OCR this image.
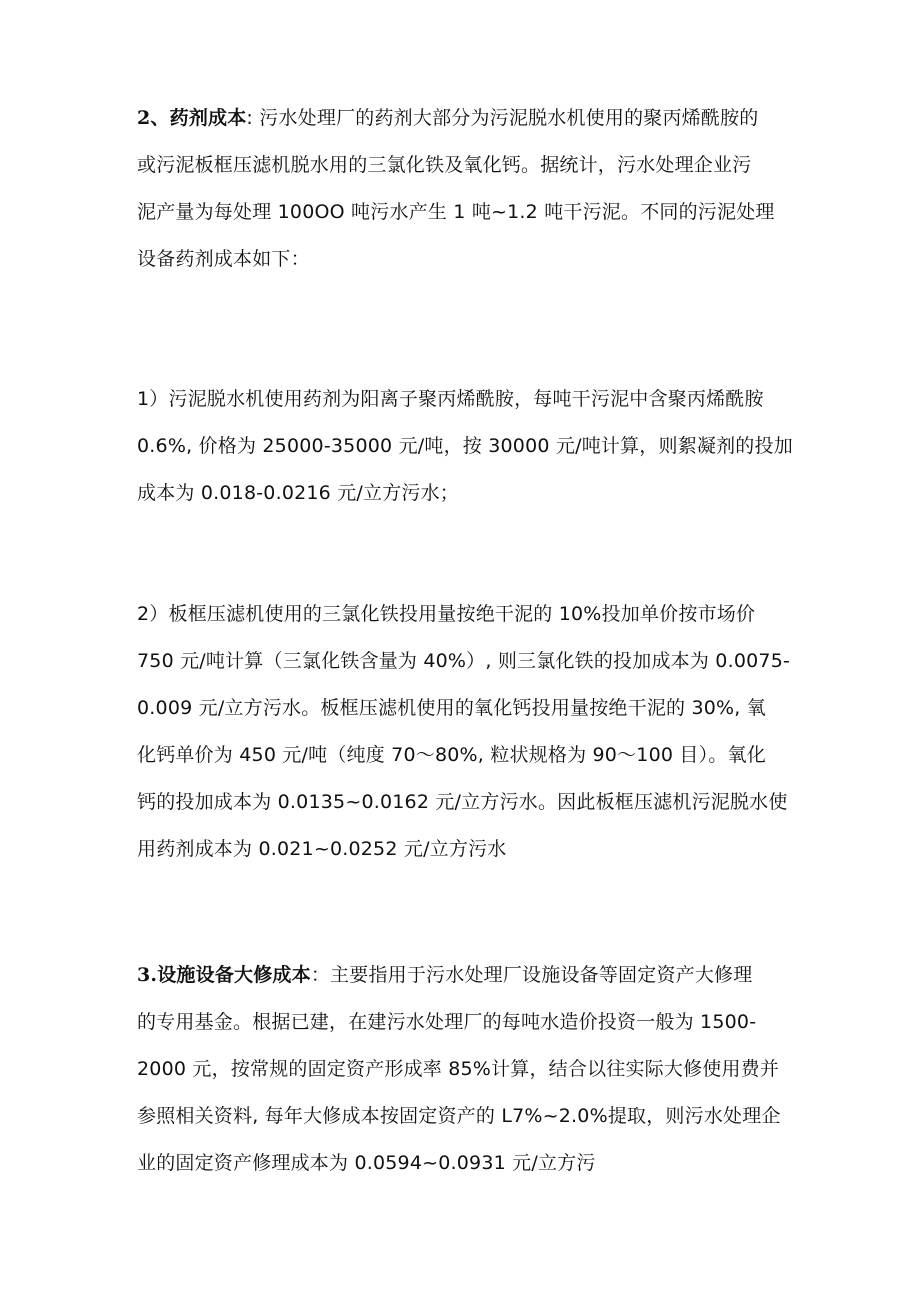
2、药剂成本: 污水处理厂的药剂大部分为污泥脱水机使用的聚丙烯酰胺的
或污泥板框压滤机脱水用的三氯化铁及氧化钙。据统计，污水处理企业污
泥产量为每处理 100OO 吨污水产生 1 吨~1.2 吨干污泥。不同的污泥处理
设备药剂成本如下：
1）污泥脱水机使用药剂为阳离子聚丙烯酰胺，每吨干污泥中含聚丙烯酰胺
0.6%, 价格为 25000-35000 元/吨，按 30000 元/吨计算，则絮凝剂的投加
成本为 0.018-0.0216 元/立方污水；
2）板框压滤机使用的三氯化铁投用量按绝干泥的 10%投加单价按市场价
750 元/吨计算（三氯化铁含量为 40%）, 则三氯化铁的投加成本为 0.0075-
0.009 元/立方污水。板框压滤机使用的氧化钙投用量按绝干泥的 30%, 氧
化钙单价为 450 元/吨（纯度 70～80%, 粒状规格为 90～100 目）。氧化
钙的投加成本为 0.0135~0.0162 元/立方污水。因此板框压滤机污泥脱水使
用药剂成本为 0.021~0.0252 元/立方污水
3.设施设备大修成本：主要指用于污水处理厂设施设备等固定资产大修理
的专用基金。根据已建，在建污水处理厂的每吨水造价投资一般为 1500-
2000 元，按常规的固定资产形成率 85%计算，结合以往实际大修使用费并
参照相关资料, 每年大修成本按固定资产的 L7%~2.0%提取，则污水处理企
业的固定资产修理成本为 0.0594~0.0931 元/立方污
